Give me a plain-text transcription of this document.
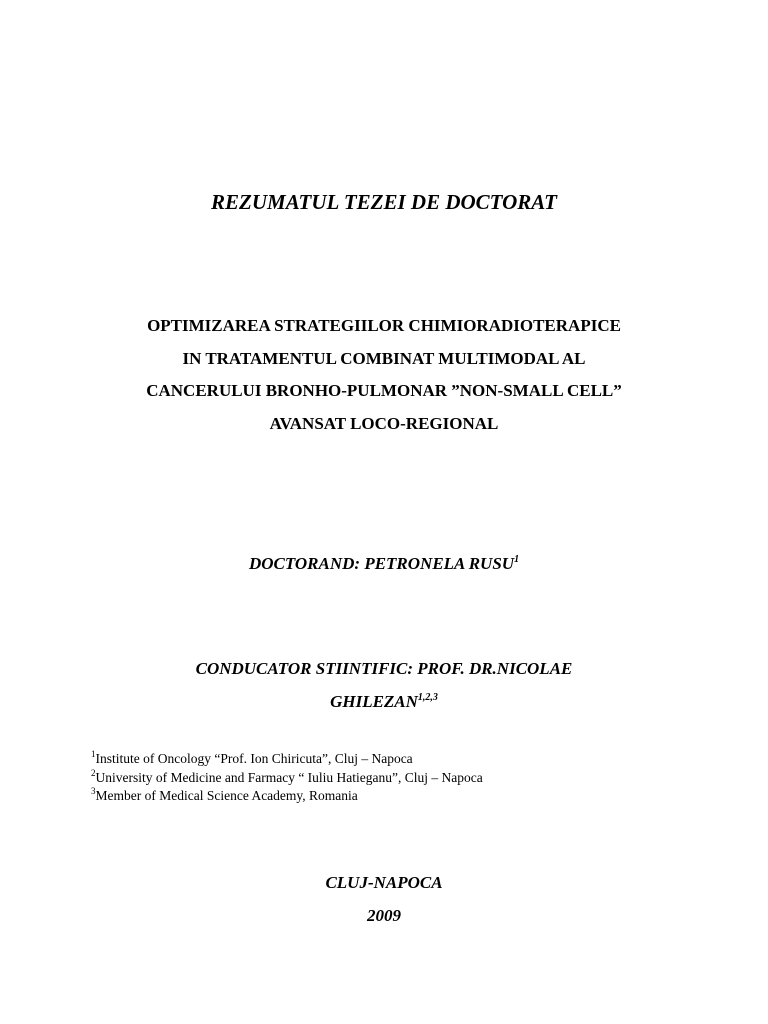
REZUMATUL TEZEI DE DOCTORAT
OPTIMIZAREA STRATEGIILOR CHIMIORADIOTERAPICE
IN TRATAMENTUL COMBINAT MULTIMODAL AL
CANCERULUI BRONHO-PULMONAR ”NON-SMALL CELL”
AVANSAT LOCO-REGIONAL
DOCTORAND: PETRONELA RUSU$^1$
CONDUCATOR STIINTIFIC: PROF. DR.NICOLAE
GHILEZAN$^{1,2,3}$
$^1$Institute of Oncology “Prof. Ion Chiricuta”, Cluj – Napoca
$^2$University of Medicine and Farmacy “ Iuliu Hatieganu”, Cluj – Napoca
$^3$Member of Medical Science Academy, Romania
CLUJ-NAPOCA
2009
